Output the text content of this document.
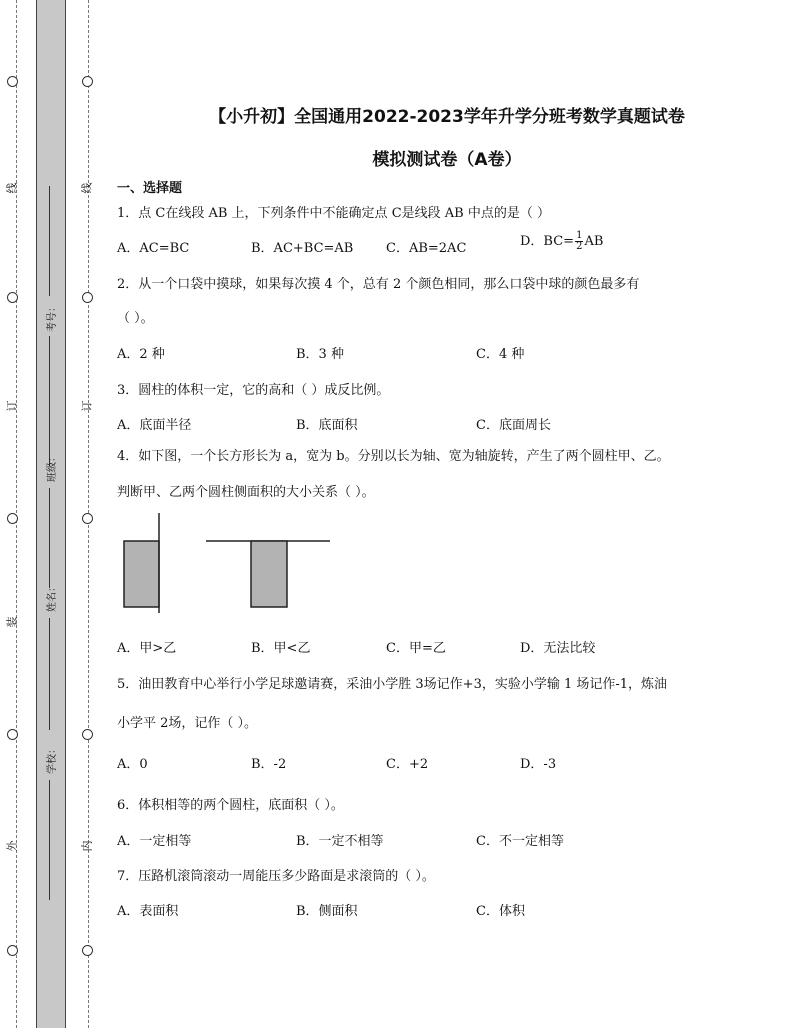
线
订
装
外
线
订
内
考号：
班级：
姓名：
学校：
【小升初】全国通用2022-2023学年升学分班考数学真题试卷
模拟测试卷（A卷）
一、选择题
1．点 C在线段 AB 上，下列条件中不能确定点 C是线段 AB 中点的是（ ）
A．AC=BC	B．AC+BC=AB	C．AB=2AC	D．$BC= \frac{1}{2}$ AB
2．从一个口袋中摸球，如果每次摸 4 个，总有 2 个颜色相同，那么口袋中球的颜色最多有
（ ）。
A．2 种	B．3 种	C．4 种
3．圆柱的体积一定，它的高和（ ）成反比例。
A．底面半径	B．底面积	C．底面周长
4．如下图，一个长方形长为 a，宽为 b。分别以长为轴、宽为轴旋转，产生了两个圆柱甲、乙。
判断甲、乙两个圆柱侧面积的大小关系（ ）。
A．甲>乙	B．甲<乙	C．甲=乙	D．无法比较
5．油田教育中心举行小学足球邀请赛，采油小学胜 3场记作+3，实验小学输 1 场记作-1，炼油
小学平 2场，记作（ ）。
A．0	B．-2	C．+2	D．-3
6．体积相等的两个圆柱，底面积（ ）。
A．一定相等	B．一定不相等	C．不一定相等
7．压路机滚筒滚动一周能压多少路面是求滚筒的（ ）。
A．表面积	B．侧面积	C．体积
